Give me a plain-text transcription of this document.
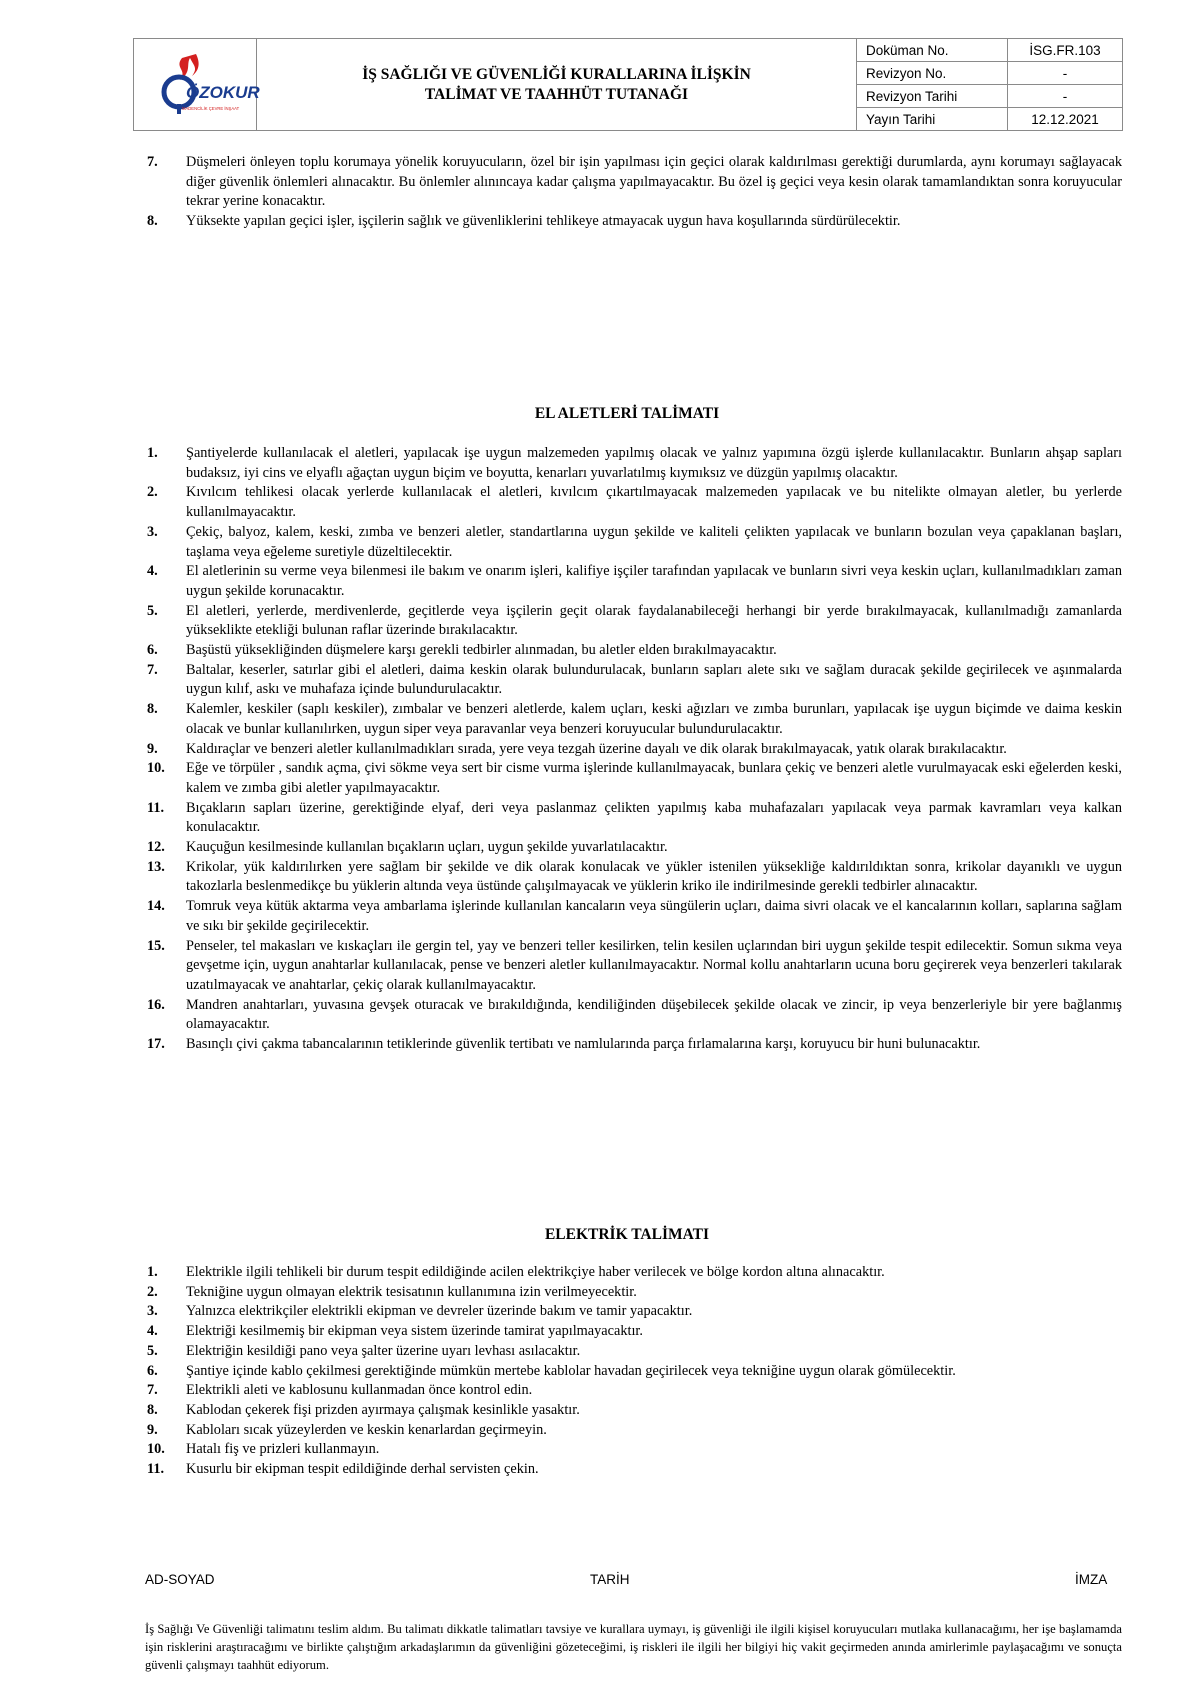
ÖZOKUR
MADENCİLİK ÇEVRE İNŞAAT
İŞ SAĞLIĞI VE GÜVENLİĞİ KURALLARINA İLİŞKİN
TALİMAT VE TAAHHÜT TUTANAĞI
Doküman No.	İSG.FR.103
Revizyon No.	-
Revizyon Tarihi	-
Yayın Tarihi	12.12.2021
7.	Düşmeleri önleyen toplu korumaya yönelik koruyucuların, özel bir işin yapılması için geçici olarak kaldırılması gerektiği durumlarda, aynı korumayı sağlayacak diğer güvenlik önlemleri alınacaktır. Bu önlemler alınıncaya kadar çalışma yapılmayacaktır. Bu özel iş geçici veya kesin olarak tamamlandıktan sonra koruyucular tekrar yerine konacaktır.
8.	Yüksekte yapılan geçici işler, işçilerin sağlık ve güvenliklerini tehlikeye atmayacak uygun hava koşullarında sürdürülecektir.
EL ALETLERİ TALİMATI
1.	Şantiyelerde kullanılacak el aletleri, yapılacak işe uygun malzemeden yapılmış olacak ve yalnız yapımına özgü işlerde kullanılacaktır. Bunların ahşap sapları budaksız, iyi cins ve elyaflı ağaçtan uygun biçim ve boyutta, kenarları yuvarlatılmış kıymıksız ve düzgün yapılmış olacaktır.
2.	Kıvılcım tehlikesi olacak yerlerde kullanılacak el aletleri, kıvılcım çıkartılmayacak malzemeden yapılacak ve bu nitelikte olmayan aletler, bu yerlerde kullanılmayacaktır.
3.	Çekiç, balyoz, kalem, keski, zımba ve benzeri aletler, standartlarına uygun şekilde ve kaliteli çelikten yapılacak ve bunların bozulan veya çapaklanan başları, taşlama veya eğeleme suretiyle düzeltilecektir.
4.	El aletlerinin su verme veya bilenmesi ile bakım ve onarım işleri, kalifiye işçiler tarafından yapılacak ve bunların sivri veya keskin uçları, kullanılmadıkları zaman uygun şekilde korunacaktır.
5.	El aletleri, yerlerde, merdivenlerde, geçitlerde veya işçilerin geçit olarak faydalanabileceği herhangi bir yerde bırakılmayacak, kullanılmadığı zamanlarda yükseklikte etekliği bulunan raflar üzerinde bırakılacaktır.
6.	Başüstü yüksekliğinden düşmelere karşı gerekli tedbirler alınmadan, bu aletler elden bırakılmayacaktır.
7.	Baltalar, keserler, satırlar gibi el aletleri, daima keskin olarak bulundurulacak, bunların sapları alete sıkı ve sağlam duracak şekilde geçirilecek ve aşınmalarda uygun kılıf, askı ve muhafaza içinde bulundurulacaktır.
8.	Kalemler, keskiler (saplı keskiler), zımbalar ve benzeri aletlerde, kalem uçları, keski ağızları ve zımba burunları, yapılacak işe uygun biçimde ve daima keskin olacak ve bunlar kullanılırken, uygun siper veya paravanlar veya benzeri koruyucular bulundurulacaktır.
9.	Kaldıraçlar ve benzeri aletler kullanılmadıkları sırada, yere veya tezgah üzerine dayalı ve dik olarak bırakılmayacak, yatık olarak bırakılacaktır.
10.	Eğe ve törpüler , sandık açma, çivi sökme veya sert bir cisme vurma işlerinde kullanılmayacak, bunlara çekiç ve benzeri aletle vurulmayacak eski eğelerden keski, kalem ve zımba gibi aletler yapılmayacaktır.
11.	Bıçakların sapları üzerine, gerektiğinde elyaf, deri veya paslanmaz çelikten yapılmış kaba muhafazaları yapılacak veya parmak kavramları veya kalkan konulacaktır.
12.	Kauçuğun kesilmesinde kullanılan bıçakların uçları, uygun şekilde yuvarlatılacaktır.
13.	Krikolar, yük kaldırılırken yere sağlam bir şekilde ve dik olarak konulacak ve yükler istenilen yüksekliğe kaldırıldıktan sonra, krikolar dayanıklı ve uygun takozlarla beslenmedikçe bu yüklerin altında veya üstünde çalışılmayacak ve yüklerin kriko ile indirilmesinde gerekli tedbirler alınacaktır.
14.	Tomruk veya kütük aktarma veya ambarlama işlerinde kullanılan kancaların veya süngülerin uçları, daima sivri olacak ve el kancalarının kolları, saplarına sağlam ve sıkı bir şekilde geçirilecektir.
15.	Penseler, tel makasları ve kıskaçları ile gergin tel, yay ve benzeri teller kesilirken, telin kesilen uçlarından biri uygun şekilde tespit edilecektir. Somun sıkma veya gevşetme için, uygun anahtarlar kullanılacak, pense ve benzeri aletler kullanılmayacaktır. Normal kollu anahtarların ucuna boru geçirerek veya benzerleri takılarak uzatılmayacak ve anahtarlar, çekiç olarak kullanılmayacaktır.
16.	Mandren anahtarları, yuvasına gevşek oturacak ve bırakıldığında, kendiliğinden düşebilecek şekilde olacak ve zincir, ip veya benzerleriyle bir yere bağlanmış olamayacaktır.
17.	Basınçlı çivi çakma tabancalarının tetiklerinde güvenlik tertibatı ve namlularında parça fırlamalarına karşı, koruyucu bir huni bulunacaktır.
ELEKTRİK TALİMATI
1.	Elektrikle ilgili tehlikeli bir durum tespit edildiğinde acilen elektrikçiye haber verilecek ve bölge kordon altına alınacaktır.
2.	Tekniğine uygun olmayan elektrik tesisatının kullanımına izin verilmeyecektir.
3.	Yalnızca elektrikçiler elektrikli ekipman ve devreler üzerinde bakım ve tamir yapacaktır.
4.	Elektriği kesilmemiş bir ekipman veya sistem üzerinde tamirat yapılmayacaktır.
5.	Elektriğin kesildiği pano veya şalter üzerine uyarı levhası asılacaktır.
6.	Şantiye içinde kablo çekilmesi gerektiğinde mümkün mertebe kablolar havadan geçirilecek veya tekniğine uygun olarak gömülecektir.
7.	Elektrikli aleti ve kablosunu kullanmadan önce kontrol edin.
8.	Kablodan çekerek fişi prizden ayırmaya çalışmak kesinlikle yasaktır.
9.	Kabloları sıcak yüzeylerden ve keskin kenarlardan geçirmeyin.
10.	Hatalı fiş ve prizleri kullanmayın.
11.	Kusurlu bir ekipman tespit edildiğinde derhal servisten çekin.
AD-SOYAD	TARİH	İMZA
İş Sağlığı Ve Güvenliği talimatını teslim aldım. Bu talimatı dikkatle talimatları tavsiye ve kurallara uymayı, iş güvenliği ile ilgili kişisel koruyucuları mutlaka kullanacağımı, her işe başlamamda işin risklerini araştıracağımı ve birlikte çalıştığım arkadaşlarımın da güvenliğini gözeteceğimi, iş riskleri ile ilgili her bilgiyi hiç vakit geçirmeden anında amirlerimle paylaşacağımı ve sonuçta güvenli çalışmayı taahhüt ediyorum.
